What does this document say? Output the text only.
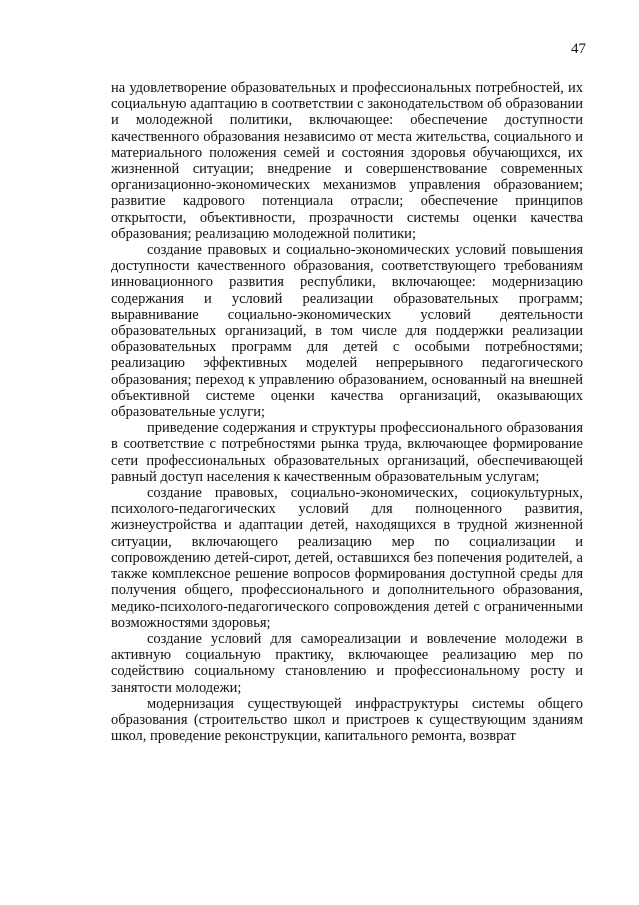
47

на удовлетворение образовательных и профессиональных потребностей, их социальную адаптацию в соответствии с законодательством об образовании и молодежной политики, включающее: обеспечение доступности качественного образования независимо от места жительства, социального и материального положения семей и состояния здоровья обучающихся, их жизненной ситуации; внедрение и совершенствование современных организационно-экономических механизмов управления образованием; развитие кадрового потенциала отрасли; обеспечение принципов открытости, объективности, прозрачности системы оценки качества образования; реализацию молодежной политики;

создание правовых и социально-экономических условий повышения доступности качественного образования, соответствующего требованиям инновационного развития республики, включающее: модернизацию содержания и условий реализации образовательных программ; выравнивание социально-экономических условий деятельности образовательных организаций, в том числе для поддержки реализации образовательных программ для детей с особыми потребностями; реализацию эффективных моделей непрерывного педагогического образования; переход к управлению образованием, основанный на внешней объективной системе оценки качества организаций, оказывающих образовательные услуги;

приведение содержания и структуры профессионального образования в соответствие с потребностями рынка труда, включающее формирование сети профессиональных образовательных организаций, обеспечивающей равный доступ населения к качественным образовательным услугам;

создание правовых, социально-экономических, социокультурных, психолого-педагогических условий для полноценного развития, жизнеустройства и адаптации детей, находящихся в трудной жизненной ситуации, включающего реализацию мер по социализации и сопровождению детей-сирот, детей, оставшихся без попечения родителей, а также комплексное решение вопросов формирования доступной среды для получения общего, профессионального и дополнительного образования, медико-психолого-педагогического сопровождения детей с ограниченными возможностями здоровья;

создание условий для самореализации и вовлечение молодежи в активную социальную практику, включающее реализацию мер по содействию социальному становлению и профессиональному росту и занятости молодежи;

модернизация существующей инфраструктуры системы общего образования (строительство школ и пристроев к существующим зданиям школ, проведение реконструкции, капитального ремонта, возврат
